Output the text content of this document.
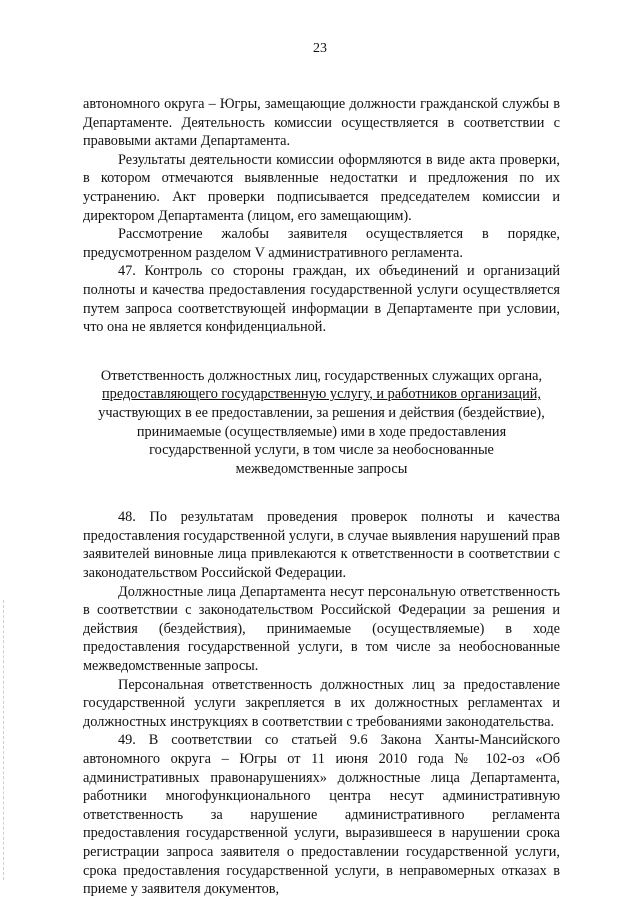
23

автономного округа – Югры, замещающие должности гражданской службы в Департаменте. Деятельность комиссии осуществляется в соответствии с правовыми актами Департамента.

Результаты деятельности комиссии оформляются в виде акта проверки, в котором отмечаются выявленные недостатки и предложения по их устранению. Акт проверки подписывается председателем комиссии и директором Департамента (лицом, его замещающим).

Рассмотрение жалобы заявителя осуществляется в порядке, предусмотренном разделом V административного регламента.

47. Контроль со стороны граждан, их объединений и организаций полноты и качества предоставления государственной услуги осуществляется путем запроса соответствующей информации в Департаменте при условии, что она не является конфиденциальной.

Ответственность должностных лиц, государственных служащих органа,
предоставляющего государственную услугу, и работников организаций,
участвующих в ее предоставлении, за решения и действия (бездействие),
принимаемые (осуществляемые) ими в ходе предоставления
государственной услуги, в том числе за необоснованные
межведомственные запросы

48. По результатам проведения проверок полноты и качества предоставления государственной услуги, в случае выявления нарушений прав заявителей виновные лица привлекаются к ответственности в соответствии с законодательством Российской Федерации.

Должностные лица Департамента несут персональную ответственность в соответствии с законодательством Российской Федерации за решения и действия (бездействия), принимаемые (осуществляемые) в ходе предоставления государственной услуги, в том числе за необоснованные межведомственные запросы.

Персональная ответственность должностных лиц за предоставление государственной услуги закрепляется в их должностных регламентах и должностных инструкциях в соответствии с требованиями законодательства.

49. В соответствии со статьей 9.6 Закона Ханты-Мансийского автономного округа – Югры от 11 июня 2010 года № 102-оз «Об административных правонарушениях» должностные лица Департамента, работники многофункционального центра несут административную ответственность за нарушение административного регламента предоставления государственной услуги, выразившееся в нарушении срока регистрации запроса заявителя о предоставлении государственной услуги, срока предоставления государственной услуги, в неправомерных отказах в приеме у заявителя документов,
